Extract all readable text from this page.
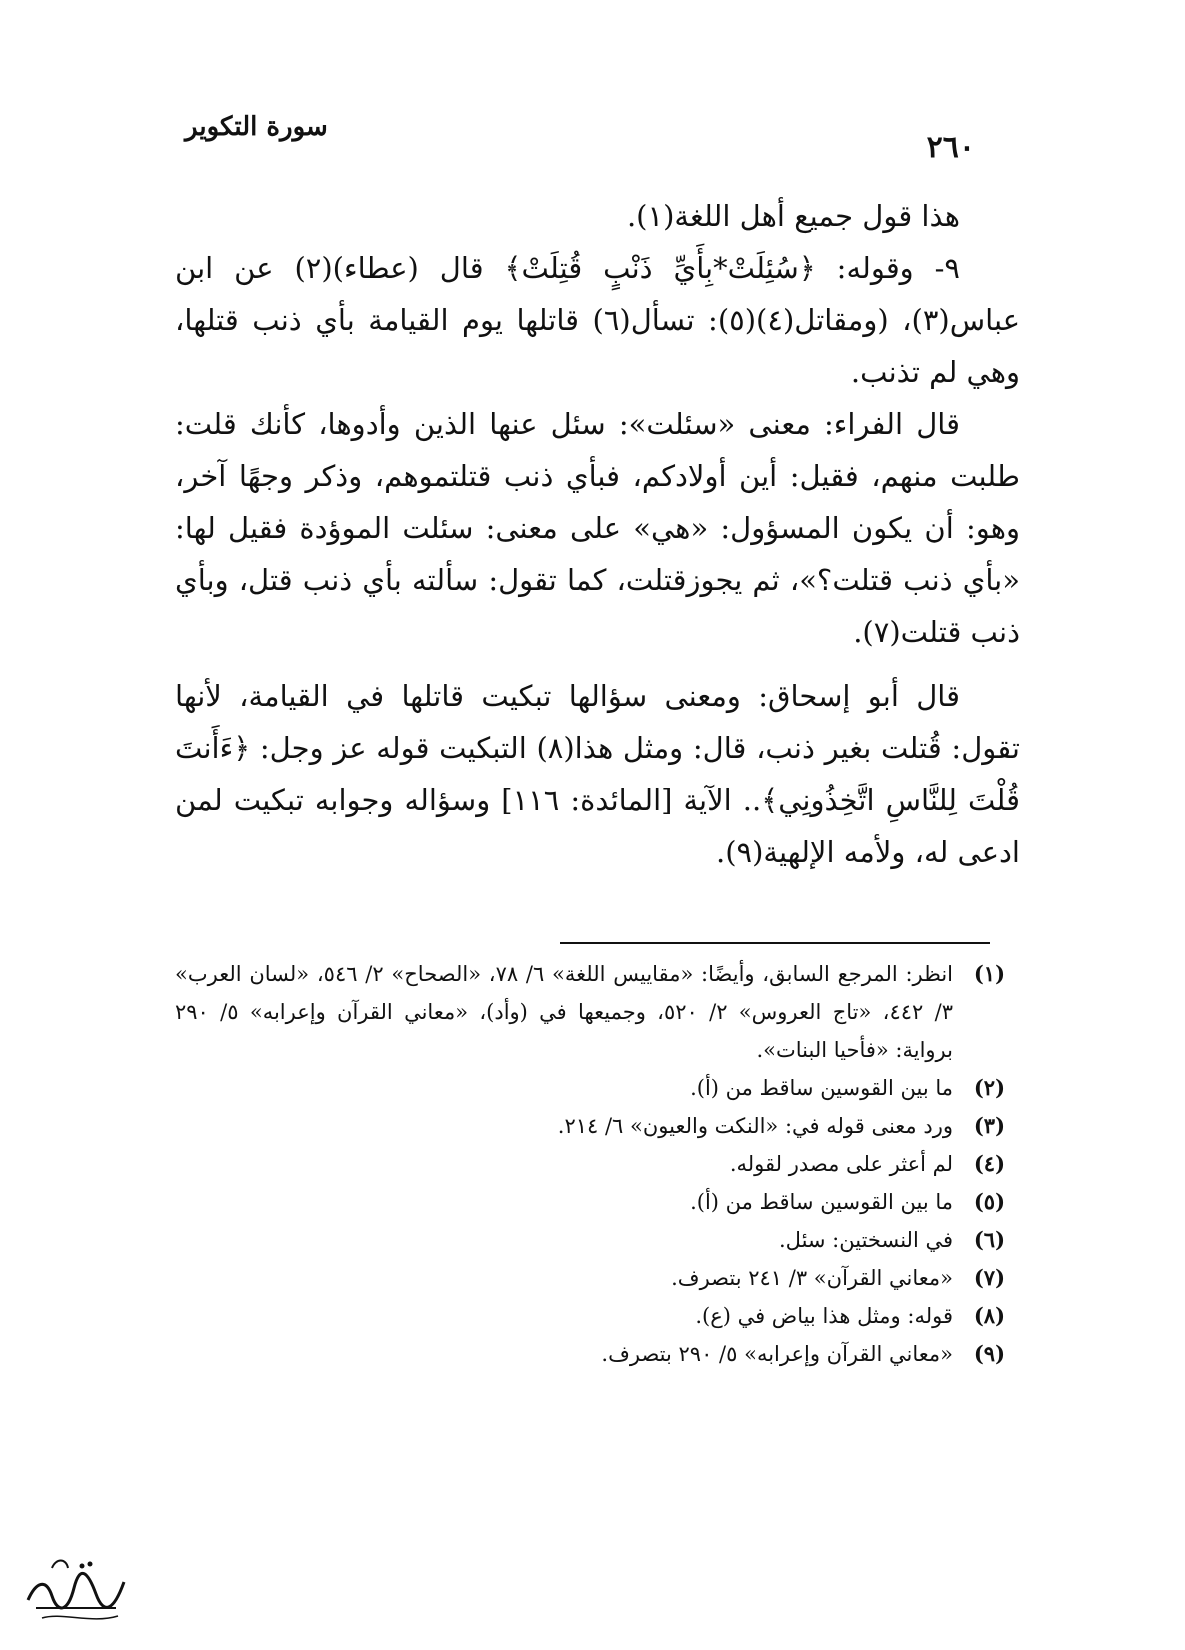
٢٦٠
سورة التكوير

هذا قول جميع أهل اللغة(١).

٩- وقوله: ﴿سُئِلَتْ*بِأَيِّ ذَنْبٍ قُتِلَتْ﴾ قال (عطاء)(٢) عن ابن عباس(٣)، (ومقاتل(٤)(٥): تسأل(٦) قاتلها يوم القيامة بأي ذنب قتلها، وهي لم تذنب.

قال الفراء: معنى «سئلت»: سئل عنها الذين وأدوها، كأنك قلت: طلبت منهم، فقيل: أين أولادكم، فبأي ذنب قتلتموهم، وذكر وجهًا آخر، وهو: أن يكون المسؤول: «هي» على معنى: سئلت الموؤدة فقيل لها: «بأي ذنب قتلت؟»، ثم يجوزقتلت، كما تقول: سألته بأي ذنب قتل، وبأي ذنب قتلت(٧).

قال أبو إسحاق: ومعنى سؤالها تبكيت قاتلها في القيامة، لأنها تقول: قُتلت بغير ذنب، قال: ومثل هذا(٨) التبكيت قوله عز وجل: ﴿ءَأَنتَ قُلْتَ لِلنَّاسِ اتَّخِذُونِي﴾.. الآية [المائدة: ١١٦] وسؤاله وجوابه تبكيت لمن ادعى له، ولأمه الإلهية(٩).

(١)
انظر: المرجع السابق، وأيضًا: «مقاييس اللغة» ٦/ ٧٨، «الصحاح» ٢/ ٥٤٦، «لسان العرب» ٣/ ٤٤٢، «تاج العروس» ٢/ ٥٢٠، وجميعها في (وأد)، «معاني القرآن وإعرابه» ٥/ ٢٩٠ برواية: «فأحيا البنات».
(٢)
ما بين القوسين ساقط من (أ).
(٣)
ورد معنى قوله في: «النكت والعيون» ٦/ ٢١٤.
(٤)
لم أعثر على مصدر لقوله.
(٥)
ما بين القوسين ساقط من (أ).
(٦)
في النسختين: سئل.
(٧)
«معاني القرآن» ٣/ ٢٤١ بتصرف.
(٨)
قوله: ومثل هذا بياض في (ع).
(٩)
«معاني القرآن وإعرابه» ٥/ ٢٩٠ بتصرف.
